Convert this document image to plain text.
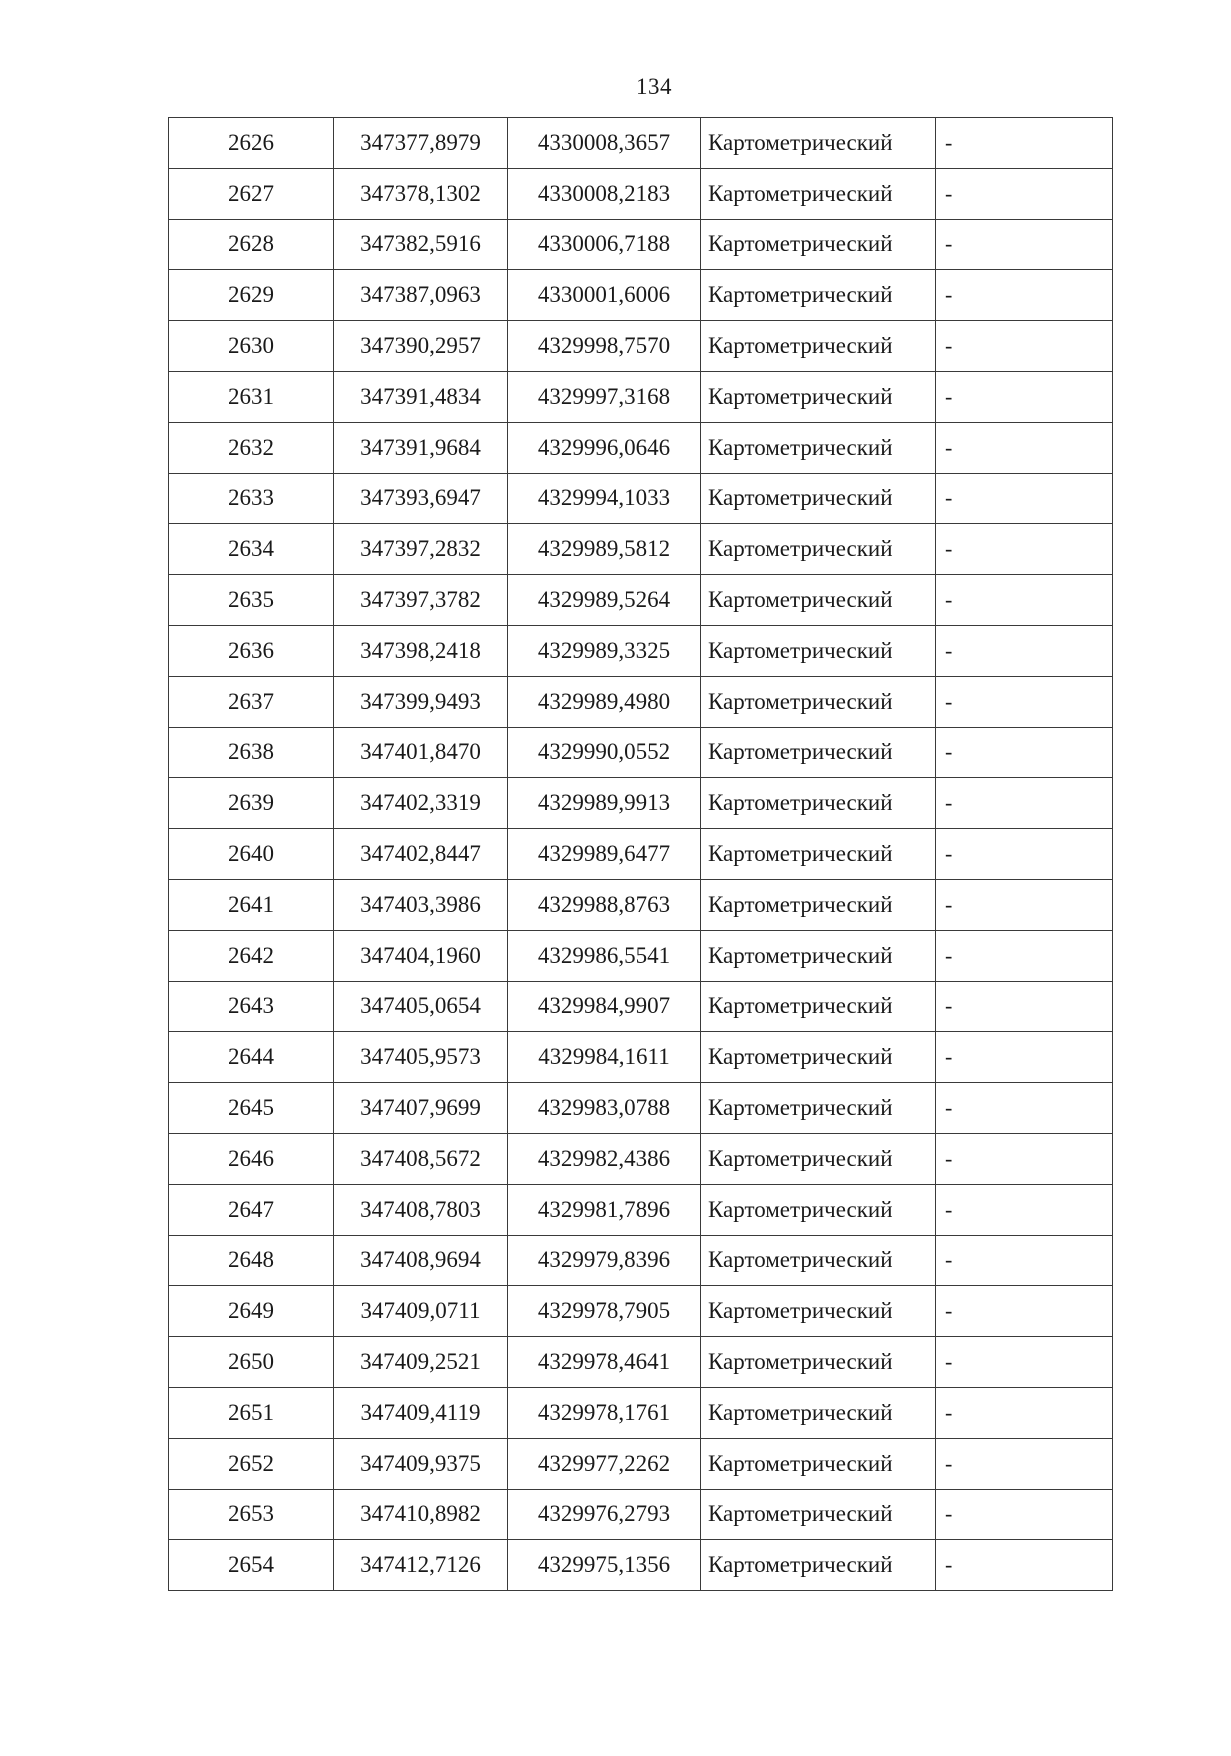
134
2626	347377,8979	4330008,3657	Картометрический	-
2627	347378,1302	4330008,2183	Картометрический	-
2628	347382,5916	4330006,7188	Картометрический	-
2629	347387,0963	4330001,6006	Картометрический	-
2630	347390,2957	4329998,7570	Картометрический	-
2631	347391,4834	4329997,3168	Картометрический	-
2632	347391,9684	4329996,0646	Картометрический	-
2633	347393,6947	4329994,1033	Картометрический	-
2634	347397,2832	4329989,5812	Картометрический	-
2635	347397,3782	4329989,5264	Картометрический	-
2636	347398,2418	4329989,3325	Картометрический	-
2637	347399,9493	4329989,4980	Картометрический	-
2638	347401,8470	4329990,0552	Картометрический	-
2639	347402,3319	4329989,9913	Картометрический	-
2640	347402,8447	4329989,6477	Картометрический	-
2641	347403,3986	4329988,8763	Картометрический	-
2642	347404,1960	4329986,5541	Картометрический	-
2643	347405,0654	4329984,9907	Картометрический	-
2644	347405,9573	4329984,1611	Картометрический	-
2645	347407,9699	4329983,0788	Картометрический	-
2646	347408,5672	4329982,4386	Картометрический	-
2647	347408,7803	4329981,7896	Картометрический	-
2648	347408,9694	4329979,8396	Картометрический	-
2649	347409,0711	4329978,7905	Картометрический	-
2650	347409,2521	4329978,4641	Картометрический	-
2651	347409,4119	4329978,1761	Картометрический	-
2652	347409,9375	4329977,2262	Картометрический	-
2653	347410,8982	4329976,2793	Картометрический	-
2654	347412,7126	4329975,1356	Картометрический	-
